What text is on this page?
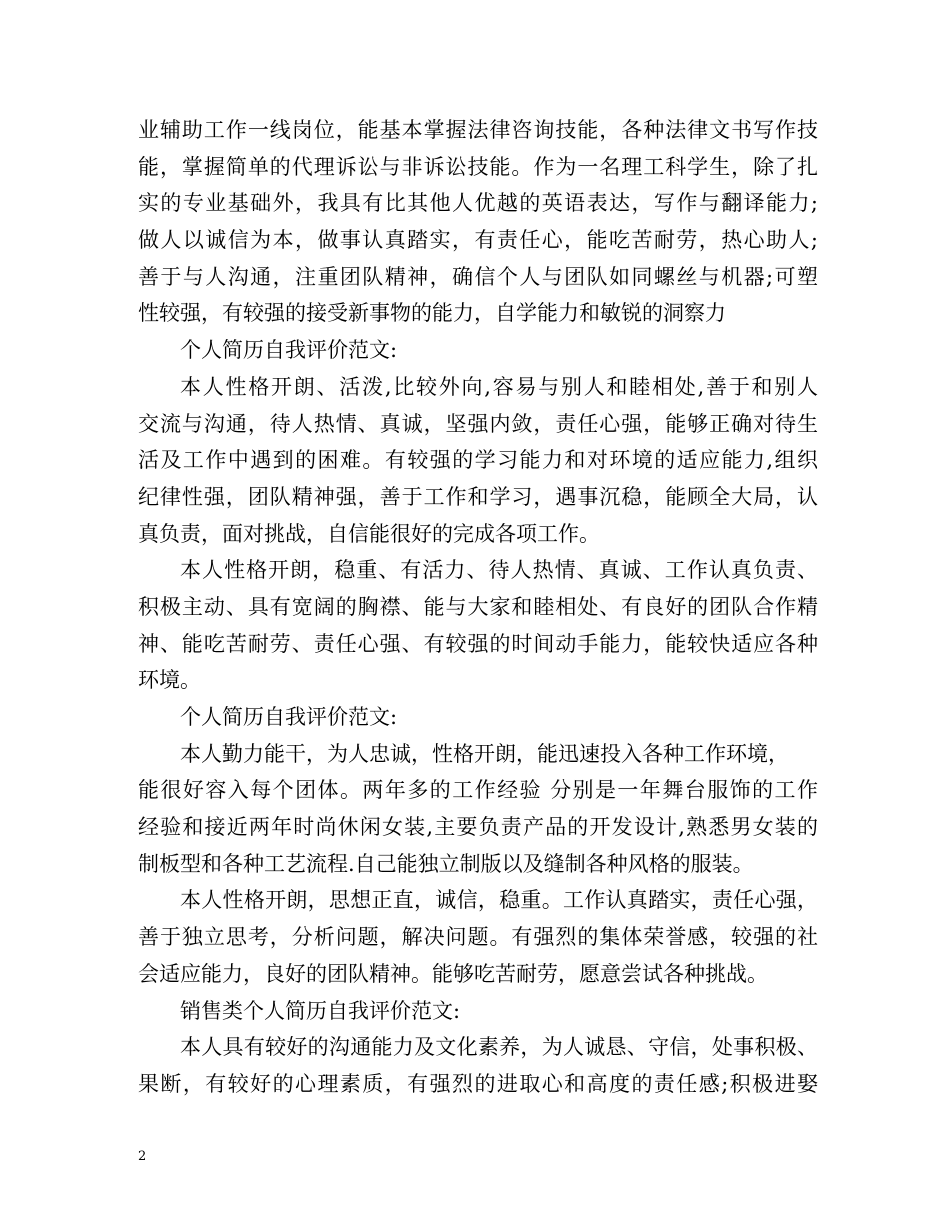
业辅助工作一线岗位，能基本掌握法律咨询技能，各种法律文书写作技
能，掌握简单的代理诉讼与非诉讼技能。作为一名理工科学生，除了扎
实的专业基础外，我具有比其他人优越的英语表达，写作与翻译能力;
做人以诚信为本，做事认真踏实，有责任心，能吃苦耐劳，热心助人;
善于与人沟通，注重团队精神，确信个人与团队如同螺丝与机器;可塑
性较强，有较强的接受新事物的能力，自学能力和敏锐的洞察力
个人简历自我评价范文:
本人性格开朗、活泼,比较外向,容易与别人和睦相处,善于和别人
交流与沟通，待人热情、真诚，坚强内敛，责任心强，能够正确对待生
活及工作中遇到的困难。有较强的学习能力和对环境的适应能力,组织
纪律性强，团队精神强，善于工作和学习，遇事沉稳，能顾全大局，认
真负责，面对挑战，自信能很好的完成各项工作。
本人性格开朗，稳重、有活力、待人热情、真诚、工作认真负责、
积极主动、具有宽阔的胸襟、能与大家和睦相处、有良好的团队合作精
神、能吃苦耐劳、责任心强、有较强的时间动手能力，能较快适应各种
环境。
个人简历自我评价范文:
本人勤力能干，为人忠诚，性格开朗，能迅速投入各种工作环境，
能很好容入每个团体。两年多的工作经验 分别是一年舞台服饰的工作
经验和接近两年时尚休闲女装,主要负责产品的开发设计,熟悉男女装的
制板型和各种工艺流程.自己能独立制版以及缝制各种风格的服装。
本人性格开朗，思想正直，诚信，稳重。工作认真踏实，责任心强，
善于独立思考，分析问题，解决问题。有强烈的集体荣誉感，较强的社
会适应能力，良好的团队精神。能够吃苦耐劳，愿意尝试各种挑战。
销售类个人简历自我评价范文:
本人具有较好的沟通能力及文化素养，为人诚恳、守信，处事积极、
果断，有较好的心理素质，有强烈的进取心和高度的责任感;积极进娶
2
